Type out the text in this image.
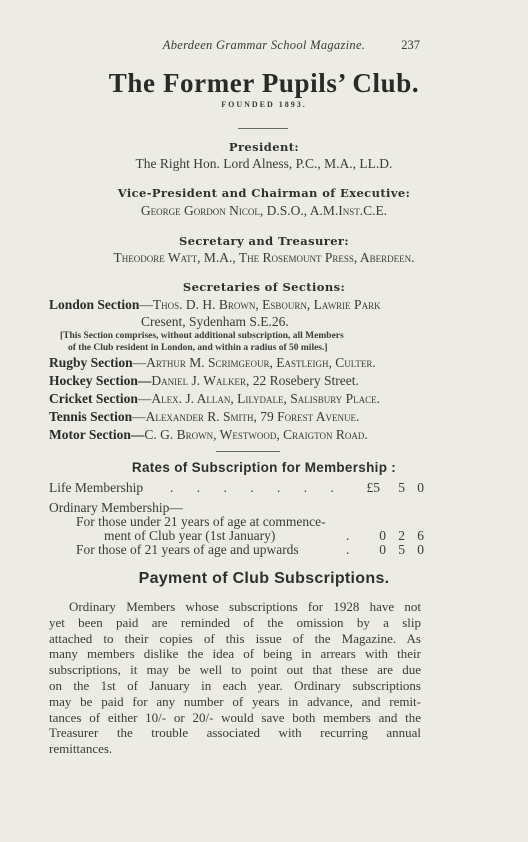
Aberdeen Grammar School Magazine.	237
The Former Pupils’ Club.
FOUNDED 1893.
President:
The Right Hon. Lord Alness, P.C., M.A., LL.D.
Vice-President and Chairman of Executive:
George Gordon Nicol, D.S.O., A.M.Inst.C.E.
Secretary and Treasurer:
Theodore Watt, M.A., The Rosemount Press, Aberdeen.
Secretaries of Sections:
London Section—Thos. D. H. Brown, Esbourn, Lawrie Park
Cresent, Sydenham S.E.26.
[This Section comprises, without additional subscription, all Members
of the Club resident in London, and within a radius of 50 miles.]
Rugby Section—Arthur M. Scrimgeour, Eastleigh, Culter.
Hockey Section—Daniel J. Walker, 22 Rosebery Street.
Cricket Section—Alex. J. Allan, Lilydale, Salisbury Place.
Tennis Section—Alexander R. Smith, 79 Forest Avenue.
Motor Section—C. G. Brown, Westwood, Craigton Road.
Rates of Subscription for Membership :
Life Membership . . . . . . .	£5	5 0
Ordinary Membership—
For those under 21 years of age at commence-
ment of Club year (1st January)	.	0 2 6
For those of 21 years of age and upwards	.	0 5 0
Payment of Club Subscriptions.
Ordinary Members whose subscriptions for 1928 have not
yet been paid are reminded of the omission by a slip
attached to their copies of this issue of the Magazine. As
many members dislike the idea of being in arrears with their
subscriptions, it may be well to point out that these are due
on the 1st of January in each year. Ordinary subscriptions
may be paid for any number of years in advance, and remit-
tances of either 10/- or 20/- would save both members and the
Treasurer the trouble associated with recurring annual
remittances.
